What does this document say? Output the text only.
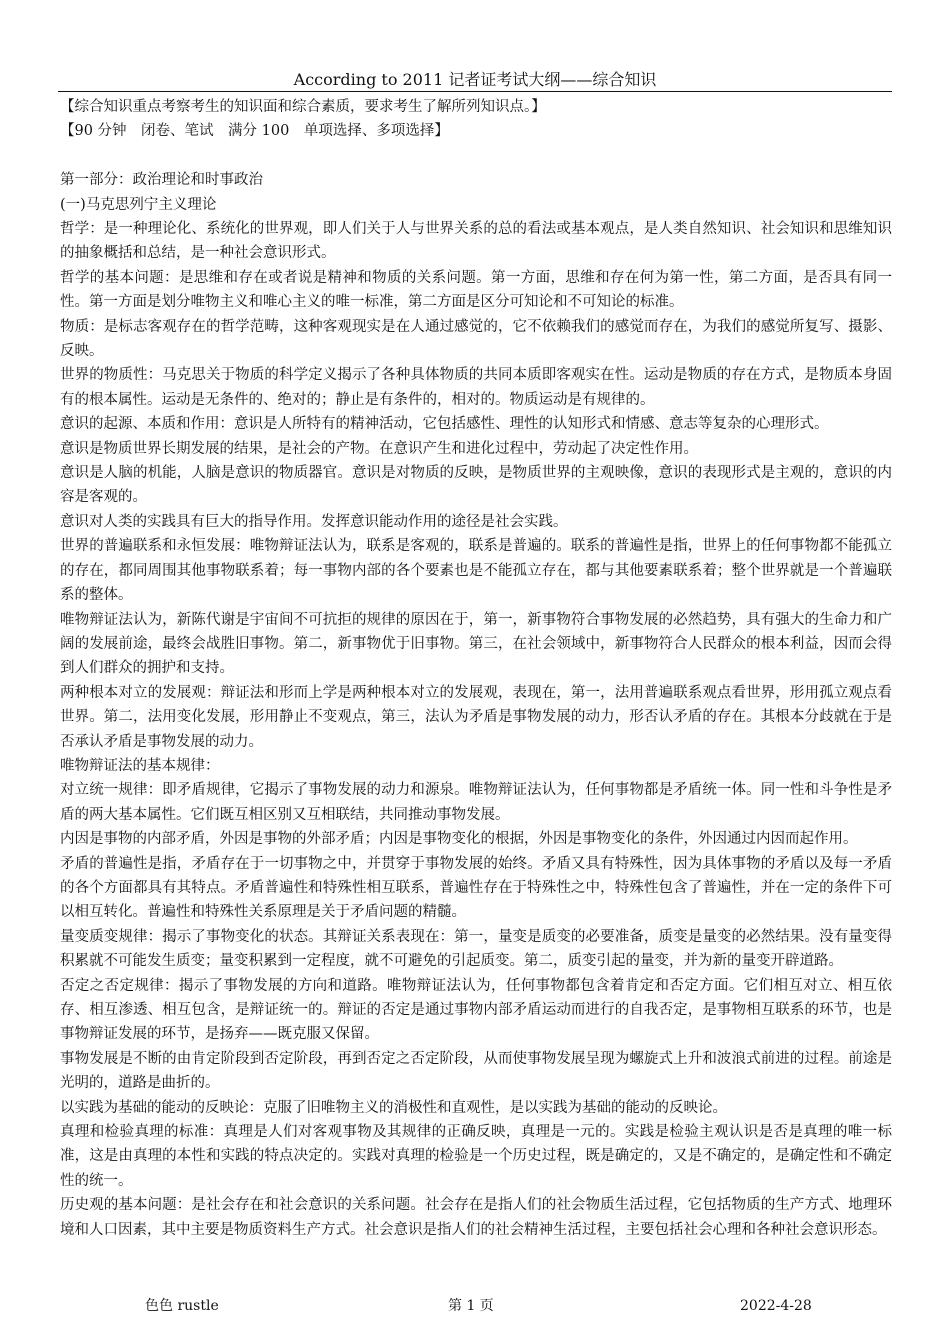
According to 2011 记者证考试大纲——综合知识

【综合知识重点考察考生的知识面和综合素质，要求考生了解所列知识点。】

【90 分钟　闭卷、笔试　满分 100　单项选择、多项选择】

第一部分：政治理论和时事政治

(一)马克思列宁主义理论

哲学：是一种理论化、系统化的世界观，即人们关于人与世界关系的总的看法或基本观点，是人类自然知识、社会知识和思维知识的抽象概括和总结，是一种社会意识形式。

哲学的基本问题：是思维和存在或者说是精神和物质的关系问题。第一方面，思维和存在何为第一性，第二方面，是否具有同一性。第一方面是划分唯物主义和唯心主义的唯一标准，第二方面是区分可知论和不可知论的标准。

物质：是标志客观存在的哲学范畴，这种客观现实是在人通过感觉的，它不依赖我们的感觉而存在，为我们的感觉所复写、摄影、反映。

世界的物质性：马克思关于物质的科学定义揭示了各种具体物质的共同本质即客观实在性。运动是物质的存在方式，是物质本身固有的根本属性。运动是无条件的、绝对的；静止是有条件的，相对的。物质运动是有规律的。

意识的起源、本质和作用：意识是人所特有的精神活动，它包括感性、理性的认知形式和情感、意志等复杂的心理形式。

意识是物质世界长期发展的结果，是社会的产物。在意识产生和进化过程中，劳动起了决定性作用。

意识是人脑的机能，人脑是意识的物质器官。意识是对物质的反映，是物质世界的主观映像，意识的表现形式是主观的，意识的内容是客观的。

意识对人类的实践具有巨大的指导作用。发挥意识能动作用的途径是社会实践。

世界的普遍联系和永恒发展：唯物辩证法认为，联系是客观的，联系是普遍的。联系的普遍性是指，世界上的任何事物都不能孤立的存在，都同周围其他事物联系着；每一事物内部的各个要素也是不能孤立存在，都与其他要素联系着；整个世界就是一个普遍联系的整体。

唯物辩证法认为，新陈代谢是宇宙间不可抗拒的规律的原因在于，第一，新事物符合事物发展的必然趋势，具有强大的生命力和广阔的发展前途，最终会战胜旧事物。第二，新事物优于旧事物。第三，在社会领域中，新事物符合人民群众的根本利益，因而会得到人们群众的拥护和支持。

两种根本对立的发展观：辩证法和形而上学是两种根本对立的发展观，表现在，第一，法用普遍联系观点看世界，形用孤立观点看世界。第二，法用变化发展，形用静止不变观点，第三，法认为矛盾是事物发展的动力，形否认矛盾的存在。其根本分歧就在于是否承认矛盾是事物发展的动力。

唯物辩证法的基本规律：

对立统一规律：即矛盾规律，它揭示了事物发展的动力和源泉。唯物辩证法认为，任何事物都是矛盾统一体。同一性和斗争性是矛盾的两大基本属性。它们既互相区别又互相联结，共同推动事物发展。

内因是事物的内部矛盾，外因是事物的外部矛盾；内因是事物变化的根据，外因是事物变化的条件，外因通过内因而起作用。

矛盾的普遍性是指，矛盾存在于一切事物之中，并贯穿于事物发展的始终。矛盾又具有特殊性，因为具体事物的矛盾以及每一矛盾的各个方面都具有其特点。矛盾普遍性和特殊性相互联系，普遍性存在于特殊性之中，特殊性包含了普遍性，并在一定的条件下可以相互转化。普遍性和特殊性关系原理是关于矛盾问题的精髓。

量变质变规律：揭示了事物变化的状态。其辩证关系表现在：第一，量变是质变的必要准备，质变是量变的必然结果。没有量变得积累就不可能发生质变；量变积累到一定程度，就不可避免的引起质变。第二，质变引起的量变，并为新的量变开辟道路。

否定之否定规律：揭示了事物发展的方向和道路。唯物辩证法认为，任何事物都包含着肯定和否定方面。它们相互对立、相互依存、相互渗透、相互包含，是辩证统一的。辩证的否定是通过事物内部矛盾运动而进行的自我否定，是事物相互联系的环节，也是事物辩证发展的环节，是扬弃——既克服又保留。

事物发展是不断的由肯定阶段到否定阶段，再到否定之否定阶段，从而使事物发展呈现为螺旋式上升和波浪式前进的过程。前途是光明的，道路是曲折的。

以实践为基础的能动的反映论：克服了旧唯物主义的消极性和直观性，是以实践为基础的能动的反映论。

真理和检验真理的标准：真理是人们对客观事物及其规律的正确反映，真理是一元的。实践是检验主观认识是否是真理的唯一标准，这是由真理的本性和实践的特点决定的。实践对真理的检验是一个历史过程，既是确定的，又是不确定的，是确定性和不确定性的统一。

历史观的基本问题：是社会存在和社会意识的关系问题。社会存在是指人们的社会物质生活过程，它包括物质的生产方式、地理环境和人口因素，其中主要是物质资料生产方式。社会意识是指人们的社会精神生活过程，主要包括社会心理和各种社会意识形态。

色色 rustle	第 1 页	2022-4-28
